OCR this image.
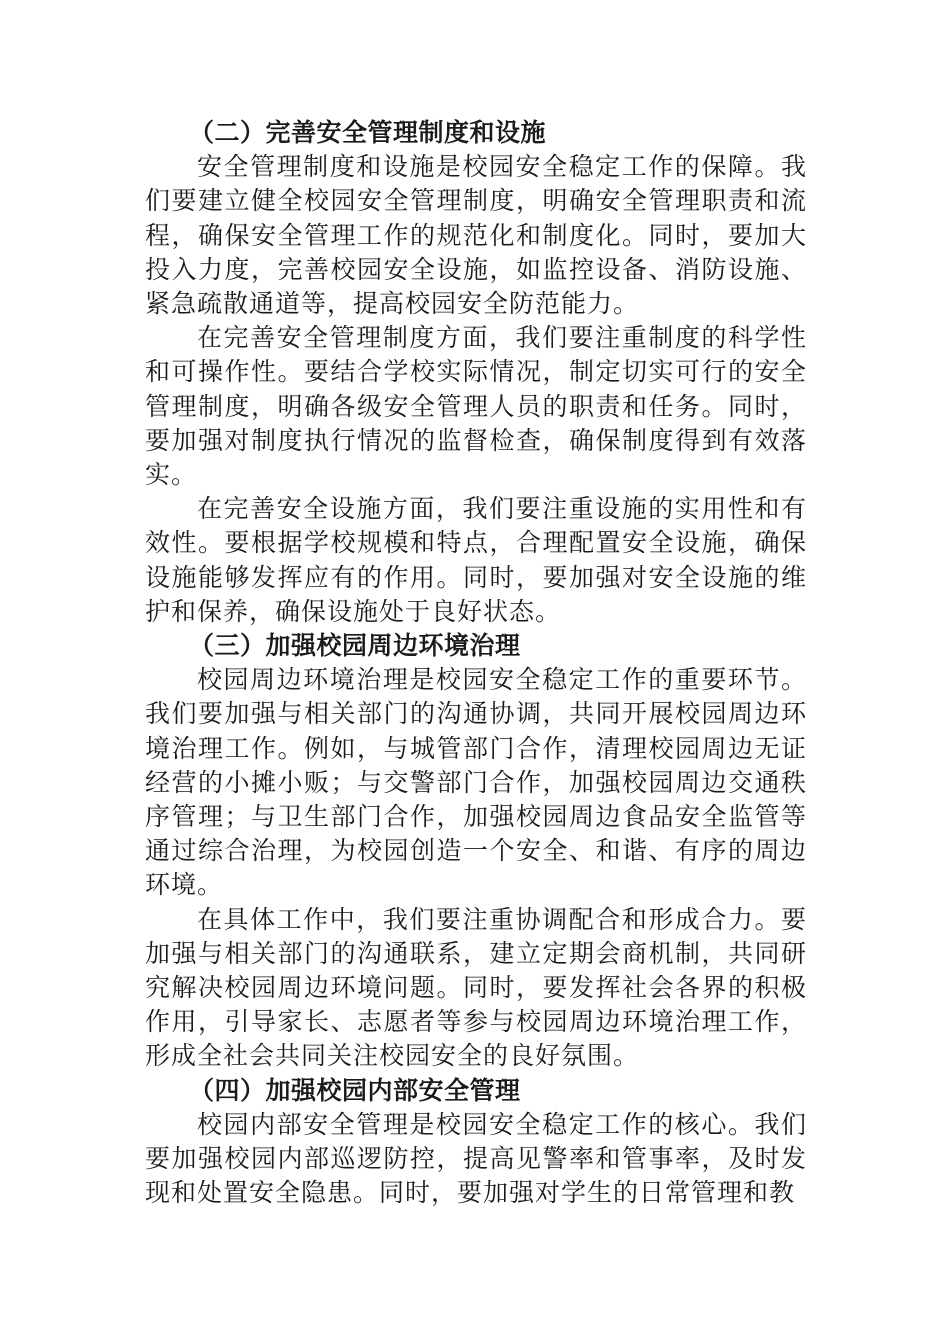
（二）完善安全管理制度和设施

安全管理制度和设施是校园安全稳定工作的保障。我们要建立健全校园安全管理制度，明确安全管理职责和流程，确保安全管理工作的规范化和制度化。同时，要加大投入力度，完善校园安全设施，如监控设备、消防设施、紧急疏散通道等，提高校园安全防范能力。

在完善安全管理制度方面，我们要注重制度的科学性和可操作性。要结合学校实际情况，制定切实可行的安全管理制度，明确各级安全管理人员的职责和任务。同时，要加强对制度执行情况的监督检查，确保制度得到有效落实。

在完善安全设施方面，我们要注重设施的实用性和有效性。要根据学校规模和特点，合理配置安全设施，确保设施能够发挥应有的作用。同时，要加强对安全设施的维护和保养，确保设施处于良好状态。

（三）加强校园周边环境治理

校园周边环境治理是校园安全稳定工作的重要环节。我们要加强与相关部门的沟通协调，共同开展校园周边环境治理工作。例如，与城管部门合作，清理校园周边无证经营的小摊小贩；与交警部门合作，加强校园周边交通秩序管理；与卫生部门合作，加强校园周边食品安全监管等通过综合治理，为校园创造一个安全、和谐、有序的周边环境。

在具体工作中，我们要注重协调配合和形成合力。要加强与相关部门的沟通联系，建立定期会商机制，共同研究解决校园周边环境问题。同时，要发挥社会各界的积极作用，引导家长、志愿者等参与校园周边环境治理工作，形成全社会共同关注校园安全的良好氛围。

（四）加强校园内部安全管理

校园内部安全管理是校园安全稳定工作的核心。我们要加强校园内部巡逻防控，提高见警率和管事率，及时发现和处置安全隐患。同时，要加强对学生的日常管理和教
